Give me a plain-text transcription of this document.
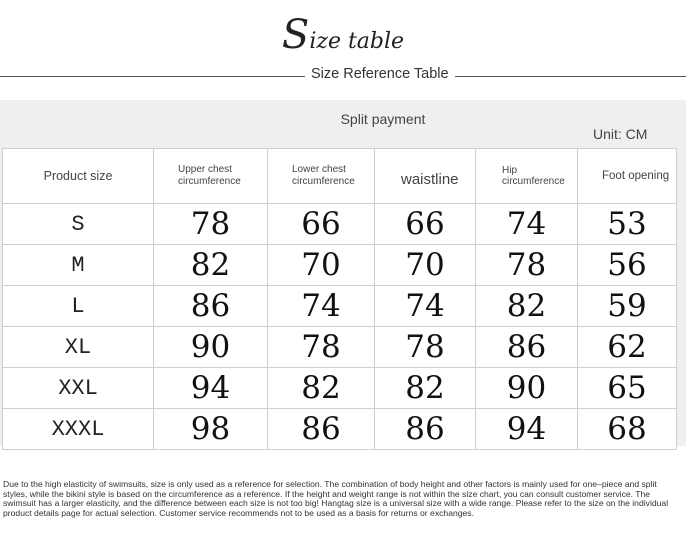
Size table
Size Reference Table
Split payment
Unit: CM
Product size	Upper chest circumference	Lower chest circumference	waistline	Hip circumference	Foot opening
S	78	66	66	74	53
M	82	70	70	78	56
L	86	74	74	82	59
XL	90	78	78	86	62
XXL	94	82	82	90	65
XXXL	98	86	86	94	68
Due to the high elasticity of swimsuits, size is only used as a reference for selection. The combination of body height and other factors is mainly used for one–piece and split styles, while the bikini style is based on the circumference as a reference. If the height and weight range is not within the size chart, you can consult customer service. The swimsuit has a larger elasticity, and the difference between each size is not too big! Hangtag size is a universal size with a wide range. Please refer to the size on the individual product details page for actual selection. Customer service recommends not to be used as a basis for returns or exchanges.
